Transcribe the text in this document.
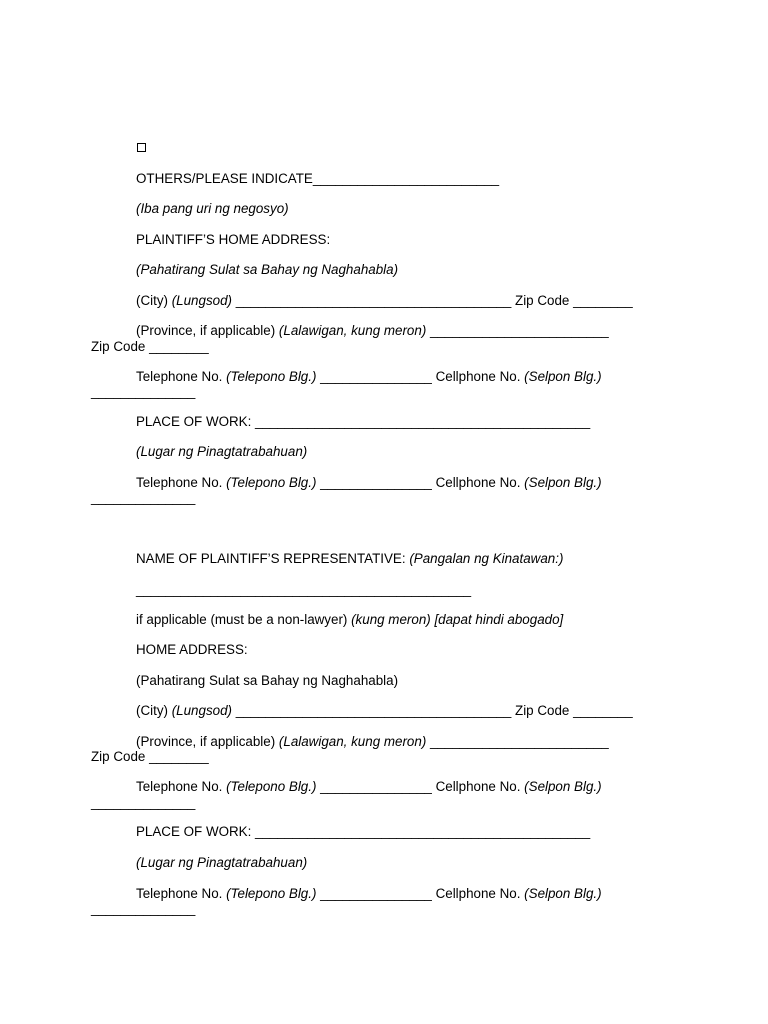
OTHERS/PLEASE INDICATE_________________________
(Iba pang uri ng negosyo)
PLAINTIFF’S HOME ADDRESS:
(Pahatirang Sulat sa Bahay ng Naghahabla)
(City) (Lungsod) _____________________________________ Zip Code ________
(Province, if applicable) (Lalawigan, kung meron) ________________________
Zip Code ________
Telephone No. (Telepono Blg.) _______________ Cellphone No. (Selpon Blg.)
______________
PLACE OF WORK: _____________________________________________
(Lugar ng Pinagtatrabahuan)
Telephone No. (Telepono Blg.) _______________ Cellphone No. (Selpon Blg.)
______________
NAME OF PLAINTIFF’S REPRESENTATIVE: (Pangalan ng Kinatawan:)
_____________________________________________
if applicable (must be a non-lawyer) (kung meron) [dapat hindi abogado]
HOME ADDRESS:
(Pahatirang Sulat sa Bahay ng Naghahabla)
(City) (Lungsod) _____________________________________ Zip Code ________
(Province, if applicable) (Lalawigan, kung meron) ________________________
Zip Code ________
Telephone No. (Telepono Blg.) _______________ Cellphone No. (Selpon Blg.)
______________
PLACE OF WORK: _____________________________________________
(Lugar ng Pinagtatrabahuan)
Telephone No. (Telepono Blg.) _______________ Cellphone No. (Selpon Blg.)
______________
